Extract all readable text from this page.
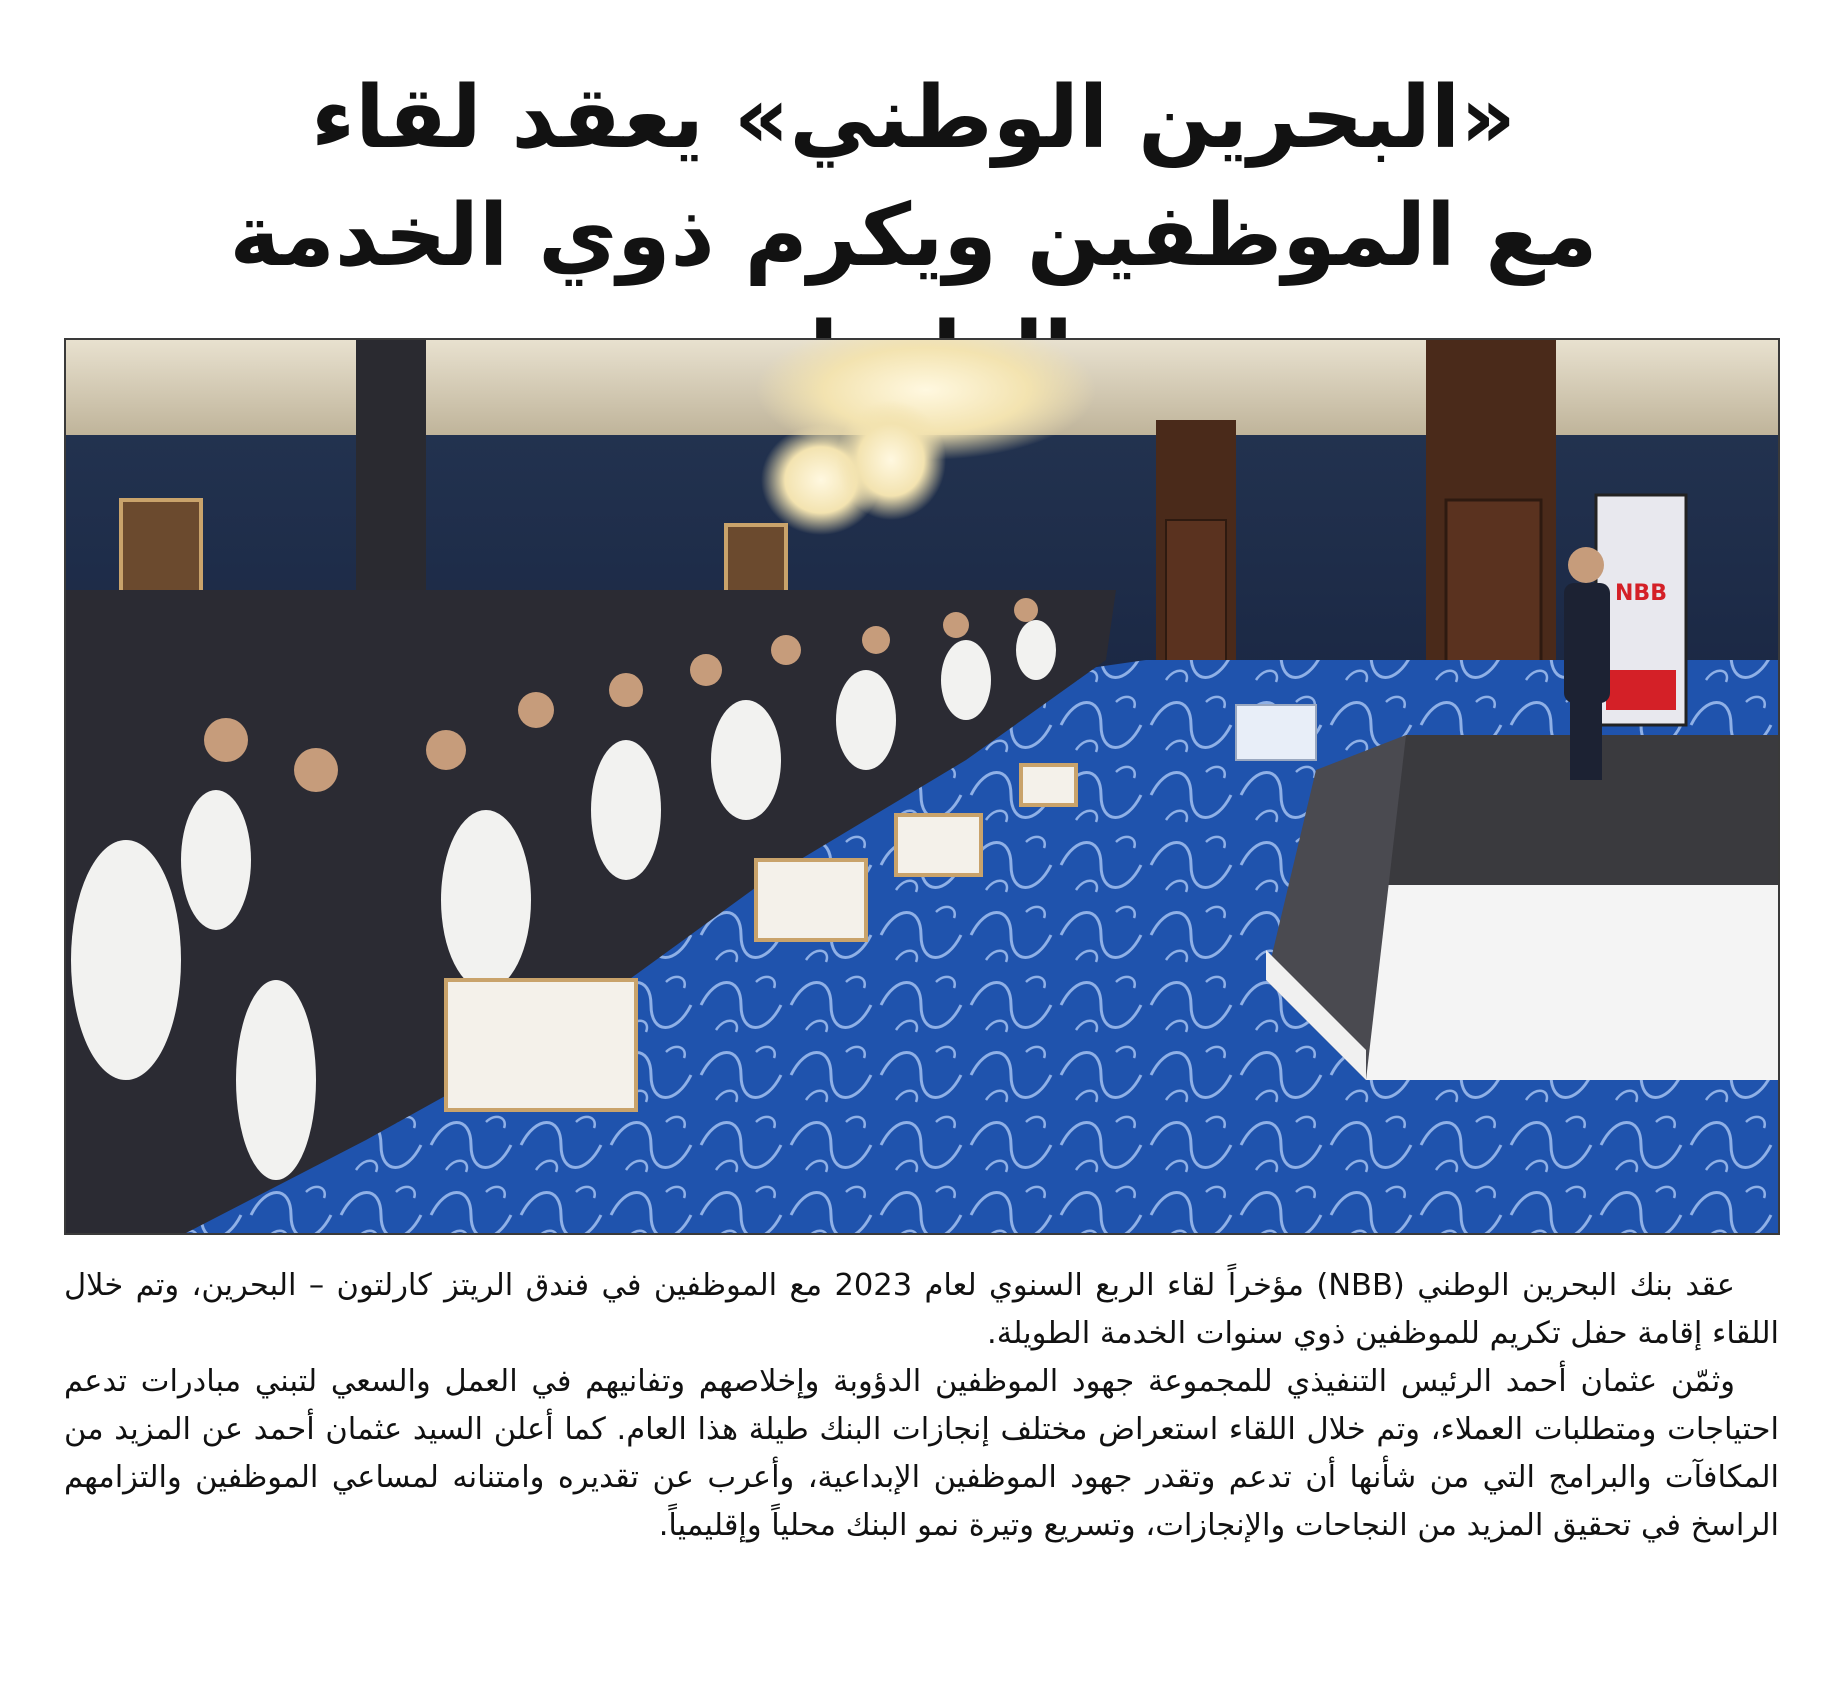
«البحرين الوطني» يعقد لقاء
مع الموظفين ويكرم ذوي الخدمة
NBB

عقد بنك البحرين الوطني (NBB) مؤخراً لقاء الربع السنوي لعام 2023 مع الموظفين في فندق الريتز كارلتون – البحرين، وتم خلال اللقاء إقامة حفل تكريم للموظفين ذوي سنوات الخدمة الطويلة.

وثمّن عثمان أحمد الرئيس التنفيذي للمجموعة جهود الموظفين الدؤوبة وإخلاصهم وتفانيهم في العمل والسعي لتبني مبادرات تدعم احتياجات ومتطلبات العملاء، وتم خلال اللقاء استعراض مختلف إنجازات البنك طيلة هذا العام. كما أعلن السيد عثمان أحمد عن المزيد من المكافآت والبرامج التي من شأنها أن تدعم وتقدر جهود الموظفين الإبداعية، وأعرب عن تقديره وامتنانه لمساعي الموظفين والتزامهم الراسخ في تحقيق المزيد من النجاحات والإنجازات، وتسريع وتيرة نمو البنك محلياً وإقليمياً.
